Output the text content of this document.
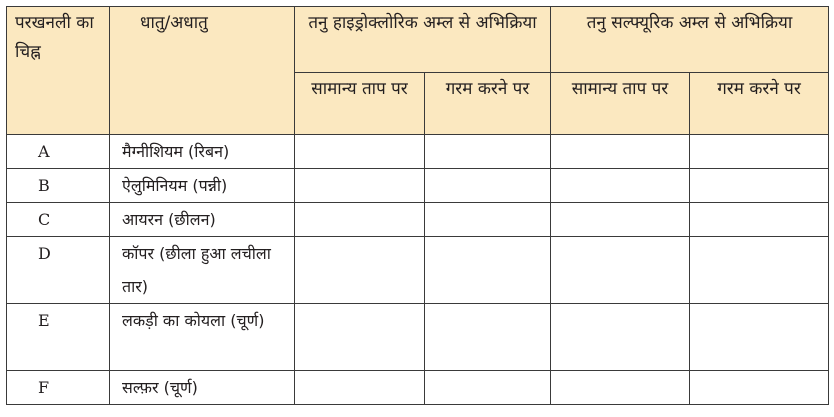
परखनली का चिह्न	धातु/अधातु	तनु हाइड्रोक्लोरिक अम्ल से अभिक्रिया		तनु सल्फ्यूरिक अम्ल से अभिक्रिया	
		सामान्य ताप पर	गरम करने पर	सामान्य ताप पर	गरम करने पर
A	मैग्नीशियम (रिबन)				
B	ऐलुमिनियम (पन्नी)				
C	आयरन (छीलन)				
D	कॉपर (छीला हुआ लचीला तार)				
E	लकड़ी का कोयला (चूर्ण)				
F	सल्फ़र (चूर्ण)				
